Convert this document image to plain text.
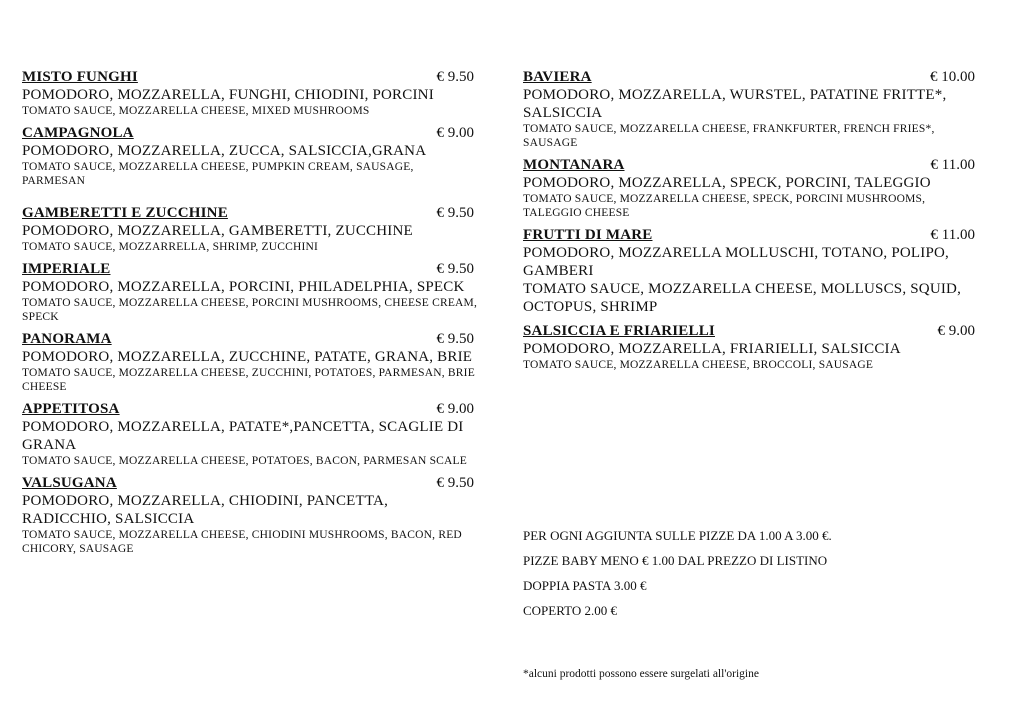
MISTO FUNGHI	€ 9.50
POMODORO, MOZZARELLA, FUNGHI, CHIODINI, PORCINI
TOMATO SAUCE, MOZZARELLA CHEESE, MIXED MUSHROOMS
CAMPAGNOLA	€ 9.00
POMODORO, MOZZARELLA, ZUCCA, SALSICCIA,GRANA
TOMATO SAUCE, MOZZARELLA CHEESE, PUMPKIN CREAM, SAUSAGE, PARMESAN
GAMBERETTI E ZUCCHINE	€ 9.50
POMODORO, MOZZARELLA, GAMBERETTI, ZUCCHINE
TOMATO SAUCE, MOZZARRELLA, SHRIMP, ZUCCHINI
IMPERIALE	€ 9.50
POMODORO, MOZZARELLA, PORCINI, PHILADELPHIA, SPECK
TOMATO SAUCE, MOZZARELLA CHEESE, PORCINI MUSHROOMS, CHEESE CREAM, SPECK
PANORAMA	€ 9.50
POMODORO, MOZZARELLA, ZUCCHINE, PATATE, GRANA, BRIE
TOMATO SAUCE, MOZZARELLA CHEESE, ZUCCHINI, POTATOES, PARMESAN, BRIE CHEESE
APPETITOSA	€ 9.00
POMODORO, MOZZARELLA, PATATE*,PANCETTA, SCAGLIE DI GRANA
TOMATO SAUCE, MOZZARELLA CHEESE, POTATOES, BACON, PARMESAN SCALE
VALSUGANA	€ 9.50
POMODORO, MOZZARELLA, CHIODINI, PANCETTA, RADICCHIO, SALSICCIA
TOMATO SAUCE, MOZZARELLA CHEESE, CHIODINI MUSHROOMS, BACON, RED CHICORY, SAUSAGE
BAVIERA	€ 10.00
POMODORO, MOZZARELLA, WURSTEL, PATATINE FRITTE*, SALSICCIA
TOMATO SAUCE, MOZZARELLA CHEESE, FRANKFURTER, FRENCH FRIES*, SAUSAGE
MONTANARA	€ 11.00
POMODORO, MOZZARELLA, SPECK, PORCINI, TALEGGIO
TOMATO SAUCE, MOZZARELLA CHEESE, SPECK, PORCINI MUSHROOMS, TALEGGIO CHEESE
FRUTTI DI MARE	€ 11.00
POMODORO, MOZZARELLA MOLLUSCHI, TOTANO, POLIPO, GAMBERI
TOMATO SAUCE, MOZZARELLA CHEESE, MOLLUSCS, SQUID, OCTOPUS, SHRIMP
SALSICCIA E FRIARIELLI	€ 9.00
POMODORO, MOZZARELLA, FRIARIELLI, SALSICCIA
TOMATO SAUCE, MOZZARELLA CHEESE, BROCCOLI, SAUSAGE
PER OGNI AGGIUNTA SULLE PIZZE DA 1.00 A 3.00 €.
PIZZE BABY MENO € 1.00 DAL PREZZO DI LISTINO
DOPPIA PASTA 3.00 €
COPERTO 2.00 €
*alcuni prodotti possono essere surgelati all'origine
